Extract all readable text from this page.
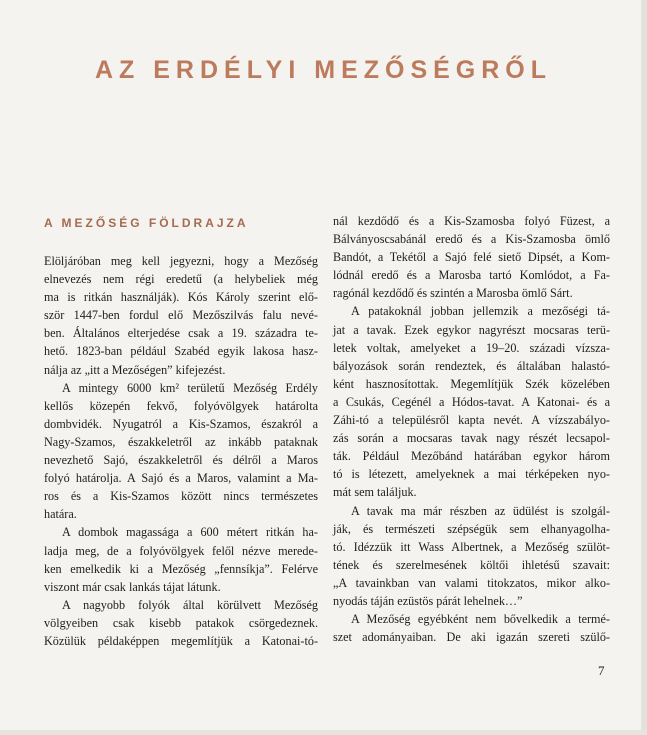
AZ ERDÉLYI MEZŐSÉGRŐL
A MEZŐSÉG FÖLDRAJZA
Elöljáróban meg kell jegyezni, hogy a Mezőség
elnevezés nem régi eredetű (a helybeliek még
ma is ritkán használják). Kós Károly szerint elő-
ször 1447-ben fordul elő Mezőszilvás falu nevé-
ben. Általános elterjedése csak a 19. századra te-
hető. 1823-ban például Szabéd egyik lakosa hasz-
nálja az „itt a Mezőségen” kifejezést.
A mintegy 6000 km² területű Mezőség Erdély
kellős közepén fekvő, folyóvölgyek határolta
dombvidék. Nyugatról a Kis-Szamos, északról a
Nagy-Szamos, északkeletről az inkább pataknak
nevezhető Sajó, északkeletről és délről a Maros
folyó határolja. A Sajó és a Maros, valamint a Ma-
ros és a Kis-Szamos között nincs természetes
határa.
A dombok magassága a 600 métert ritkán ha-
ladja meg, de a folyóvölgyek felől nézve merede-
ken emelkedik ki a Mezőség „fennsíkja”. Felérve
viszont már csak lankás tájat látunk.
A nagyobb folyók által körülvett Mezőség
völgyeiben csak kisebb patakok csörgedeznek.
Közülük példaképpen megemlítjük a Katonai-tó-
nál kezdődő és a Kis-Szamosba folyó Füzest, a
Bálványoscsabánál eredő és a Kis-Szamosba ömlő
Bandót, a Tekétől a Sajó felé siető Dipsét, a Kom-
lódnál eredő és a Marosba tartó Komlódot, a Fa-
ragónál kezdődő és szintén a Marosba ömlő Sárt.
A patakoknál jobban jellemzik a mezőségi tá-
jat a tavak. Ezek egykor nagyrészt mocsaras terü-
letek voltak, amelyeket a 19–20. századi vízsza-
bályozások során rendeztek, és általában halastó-
ként hasznosítottak. Megemlítjük Szék közelében
a Csukás, Cegénél a Hódos-tavat. A Katonai- és a
Záhi-tó a településről kapta nevét. A vízszabályo-
zás során a mocsaras tavak nagy részét lecsapol-
ták. Például Mezőbánd határában egykor három
tó is létezett, amelyeknek a mai térképeken nyo-
mát sem találjuk.
A tavak ma már részben az üdülést is szolgál-
ják, és természeti szépségük sem elhanyagolha-
tó. Idézzük itt Wass Albertnek, a Mezőség szülöt-
tének és szerelmesének költői ihletésű szavait:
„A tavainkban van valami titokzatos, mikor alko-
nyodás táján ezüstös párát lehelnek…”
A Mezőség egyébként nem bővelkedik a termé-
szet adományaiban. De aki igazán szereti szülő-
7
